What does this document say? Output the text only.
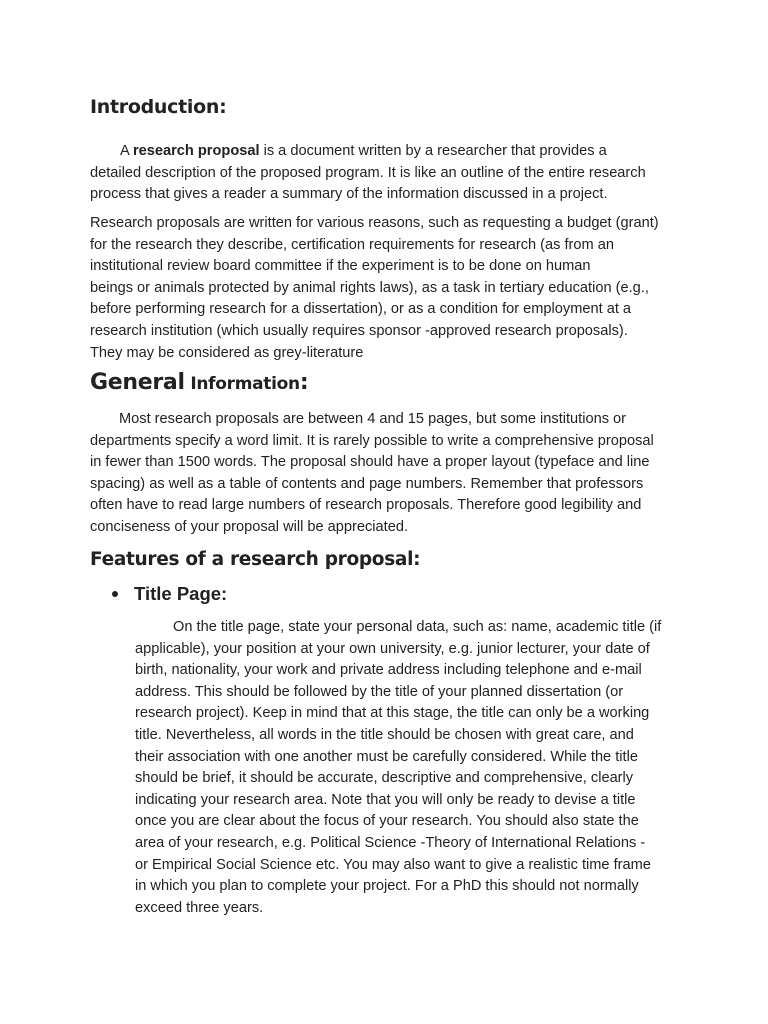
Introduction:

A research proposal is a document written by a researcher that provides a
detailed description of the proposed program. It is like an outline of the entire research
process that gives a reader a summary of the information discussed in a project.

Research proposals are written for various reasons, such as requesting a budget (grant)
for the research they describe, certification requirements for research (as from an
institutional review board committee if the experiment is to be done on human
beings or animals protected by animal rights laws), as a task in tertiary education (e.g.,
before performing research for a dissertation), or as a condition for employment at a
research institution (which usually requires sponsor -approved research proposals).
They may be considered as grey-literature

General Information:

Most research proposals are between 4 and 15 pages, but some institutions or
departments specify a word limit. It is rarely possible to write a comprehensive proposal
in fewer than 1500 words. The proposal should have a proper layout (typeface and line
spacing) as well as a table of contents and page numbers. Remember that professors
often have to read large numbers of research proposals. Therefore good legibility and
conciseness of your proposal will be appreciated.

Features of a research proposal:
Title Page:

On the title page, state your personal data, such as: name, academic title (if
applicable), your position at your own university, e.g. junior lecturer, your date of
birth, nationality, your work and private address including telephone and e-mail
address. This should be followed by the title of your planned dissertation (or
research project). Keep in mind that at this stage, the title can only be a working
title. Nevertheless, all words in the title should be chosen with great care, and
their association with one another must be carefully considered. While the title
should be brief, it should be accurate, descriptive and comprehensive, clearly
indicating your research area. Note that you will only be ready to devise a title
once you are clear about the focus of your research. You should also state the
area of your research, e.g. Political Science -Theory of International Relations -
or Empirical Social Science etc. You may also want to give a realistic time frame
in which you plan to complete your project. For a PhD this should not normally
exceed three years.
